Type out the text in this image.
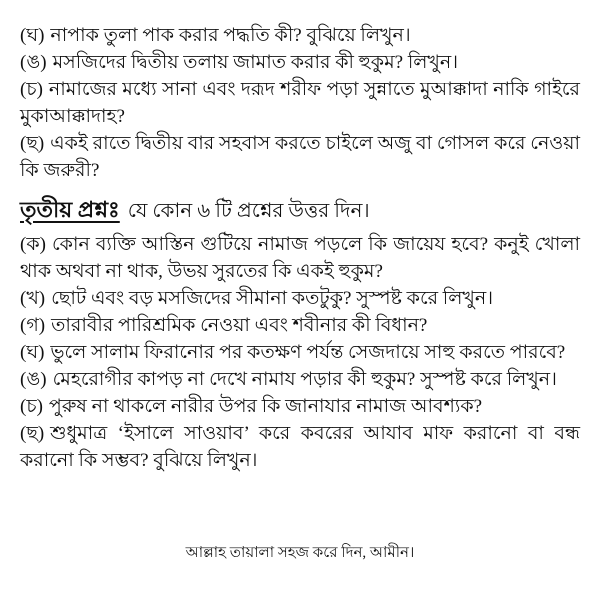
(ঘ) নাপাক তুলা পাক করার পদ্ধতি কী? বুঝিয়ে লিখুন।

(ঙ) মসজিদের দ্বিতীয় তলায় জামাত করার কী হুকুম? লিখুন।

(চ) নামাজের মধ্যে সানা এবং দরূদ শরীফ পড়া সুন্নাতে মুআক্কাদা নাকি গাইরে মুকাআক্কাদাহ?

(ছ) একই রাতে দ্বিতীয় বার সহবাস করতে চাইলে অজু বা গোসল করে নেওয়া কি জরুরী?

তৃতীয় প্রশ্নঃ যে কোন ৬ টি প্রশ্নের উত্তর দিন।

(ক) কোন ব্যক্তি আস্তিন গুটিয়ে নামাজ পড়লে কি জায়েয হবে? কনুই খোলা থাক অথবা না থাক, উভয় সুরতের কি একই হুকুম?

(খ) ছোট এবং বড় মসজিদের সীমানা কতটুকু? সুস্পষ্ট করে লিখুন।

(গ) তারাবীর পারিশ্রমিক নেওয়া এবং শবীনার কী বিধান?

(ঘ) ভুলে সালাম ফিরানোর পর কতক্ষণ পর্যন্ত সেজদায়ে সাহু করতে পারবে?

(ঙ) মেহরোগীর কাপড় না দেখে নামায পড়ার কী হুকুম? সুস্পষ্ট করে লিখুন।

(চ) পুরুষ না থাকলে নারীর উপর কি জানাযার নামাজ আবশ্যক?

(ছ) শুধুমাত্র ‘ইসালে সাওয়াব’ করে কবরের আযাব মাফ করানো বা বন্ধ করানো কি সম্ভব? বুঝিয়ে লিখুন।

আল্লাহ তায়ালা সহজ করে দিন, আমীন।
